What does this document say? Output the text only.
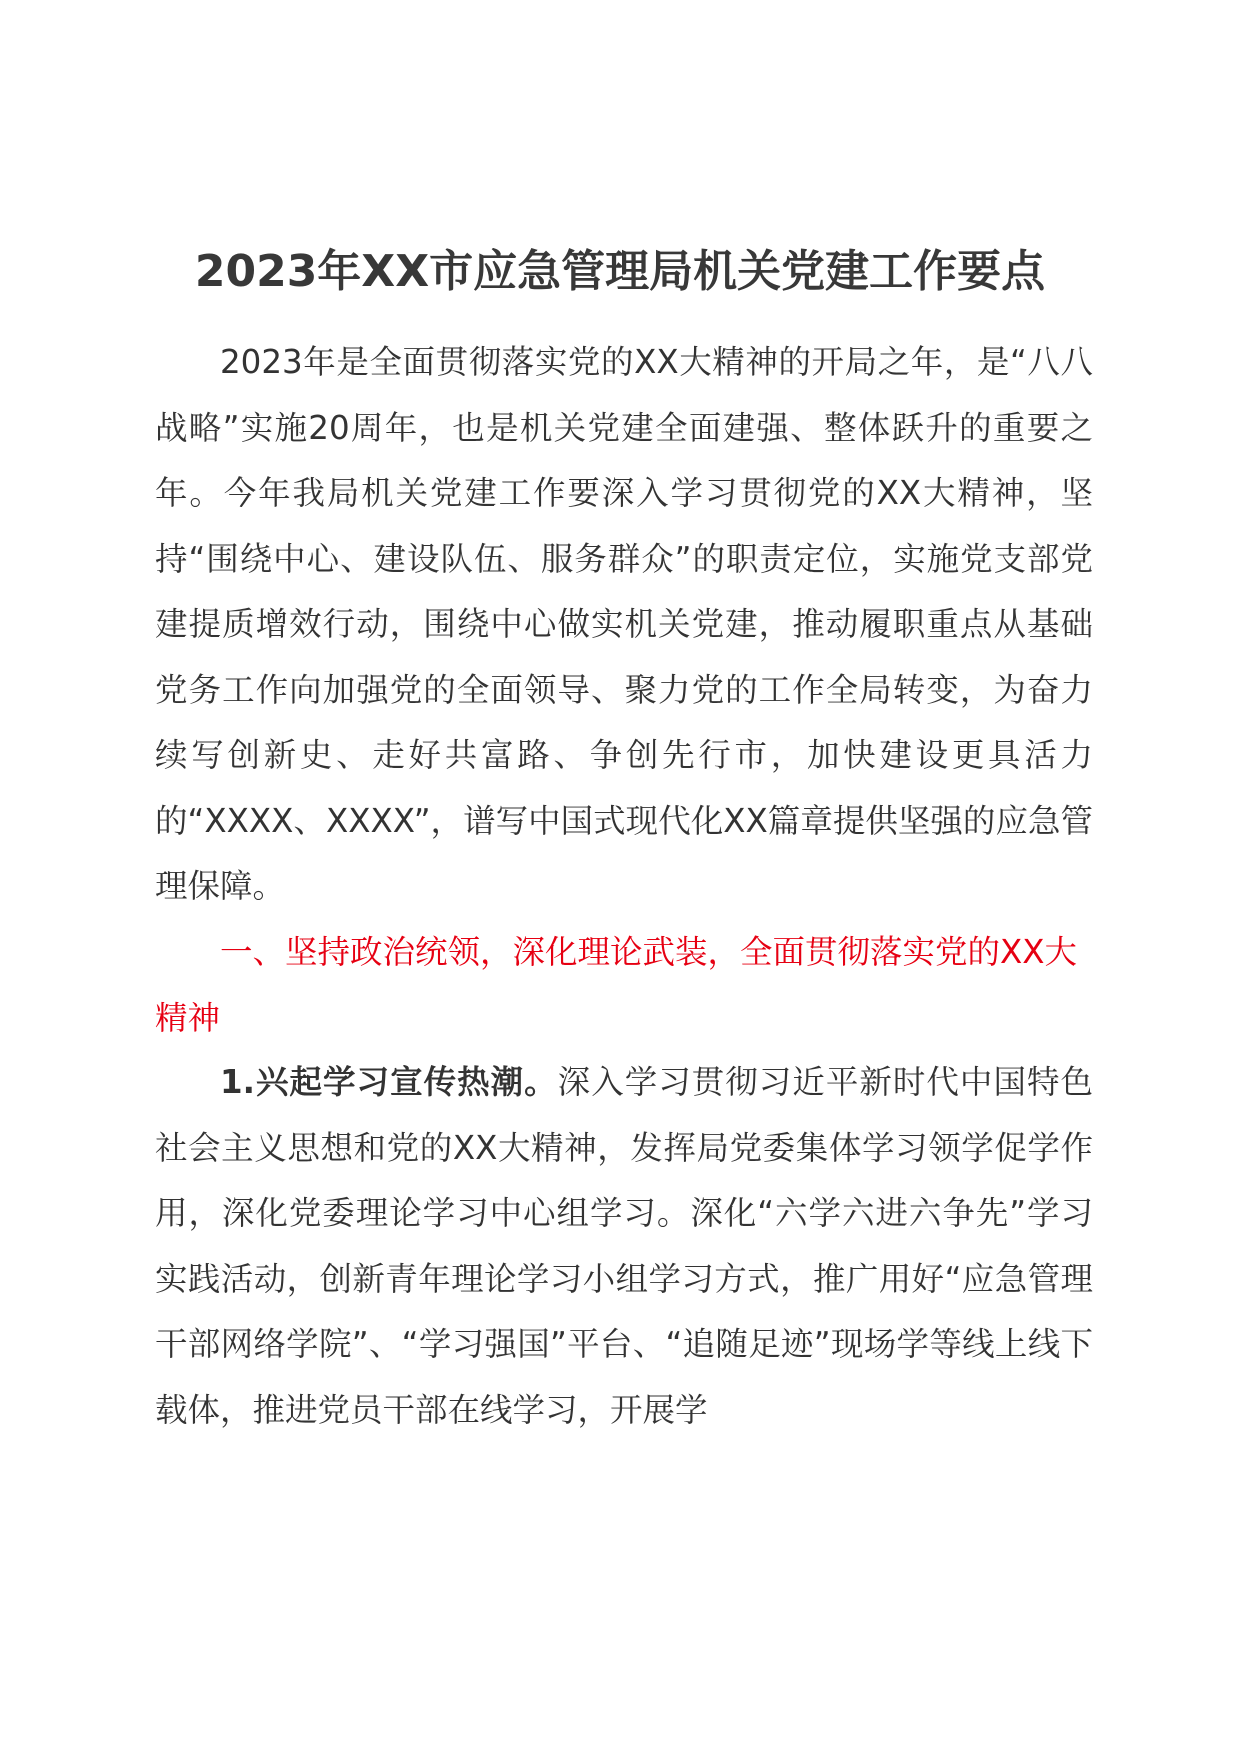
2023年XX市应急管理局机关党建工作要点

2023年是全面贯彻落实党的XX大精神的开局之年，是“八八战略”实施20周年，也是机关党建全面建强、整体跃升的重要之年。今年我局机关党建工作要深入学习贯彻党的XX大精神，坚持“围绕中心、建设队伍、服务群众”的职责定位，实施党支部党建提质增效行动，围绕中心做实机关党建，推动履职重点从基础党务工作向加强党的全面领导、聚力党的工作全局转变，为奋力续写创新史、走好共富路、争创先行市，加快建设更具活力的“XXXX、XXXX”，谱写中国式现代化XX篇章提供坚强的应急管理保障。

一、坚持政治统领，深化理论武装，全面贯彻落实党的XX大精神

1.兴起学习宣传热潮。深入学习贯彻习近平新时代中国特色社会主义思想和党的XX大精神，发挥局党委集体学习领学促学作用，深化党委理论学习中心组学习。深化“六学六进六争先”学习实践活动，创新青年理论学习小组学习方式，推广用好“应急管理干部网络学院”、“学习强国”平台、“追随足迹”现场学等线上线下载体，推进党员干部在线学习，开展学
